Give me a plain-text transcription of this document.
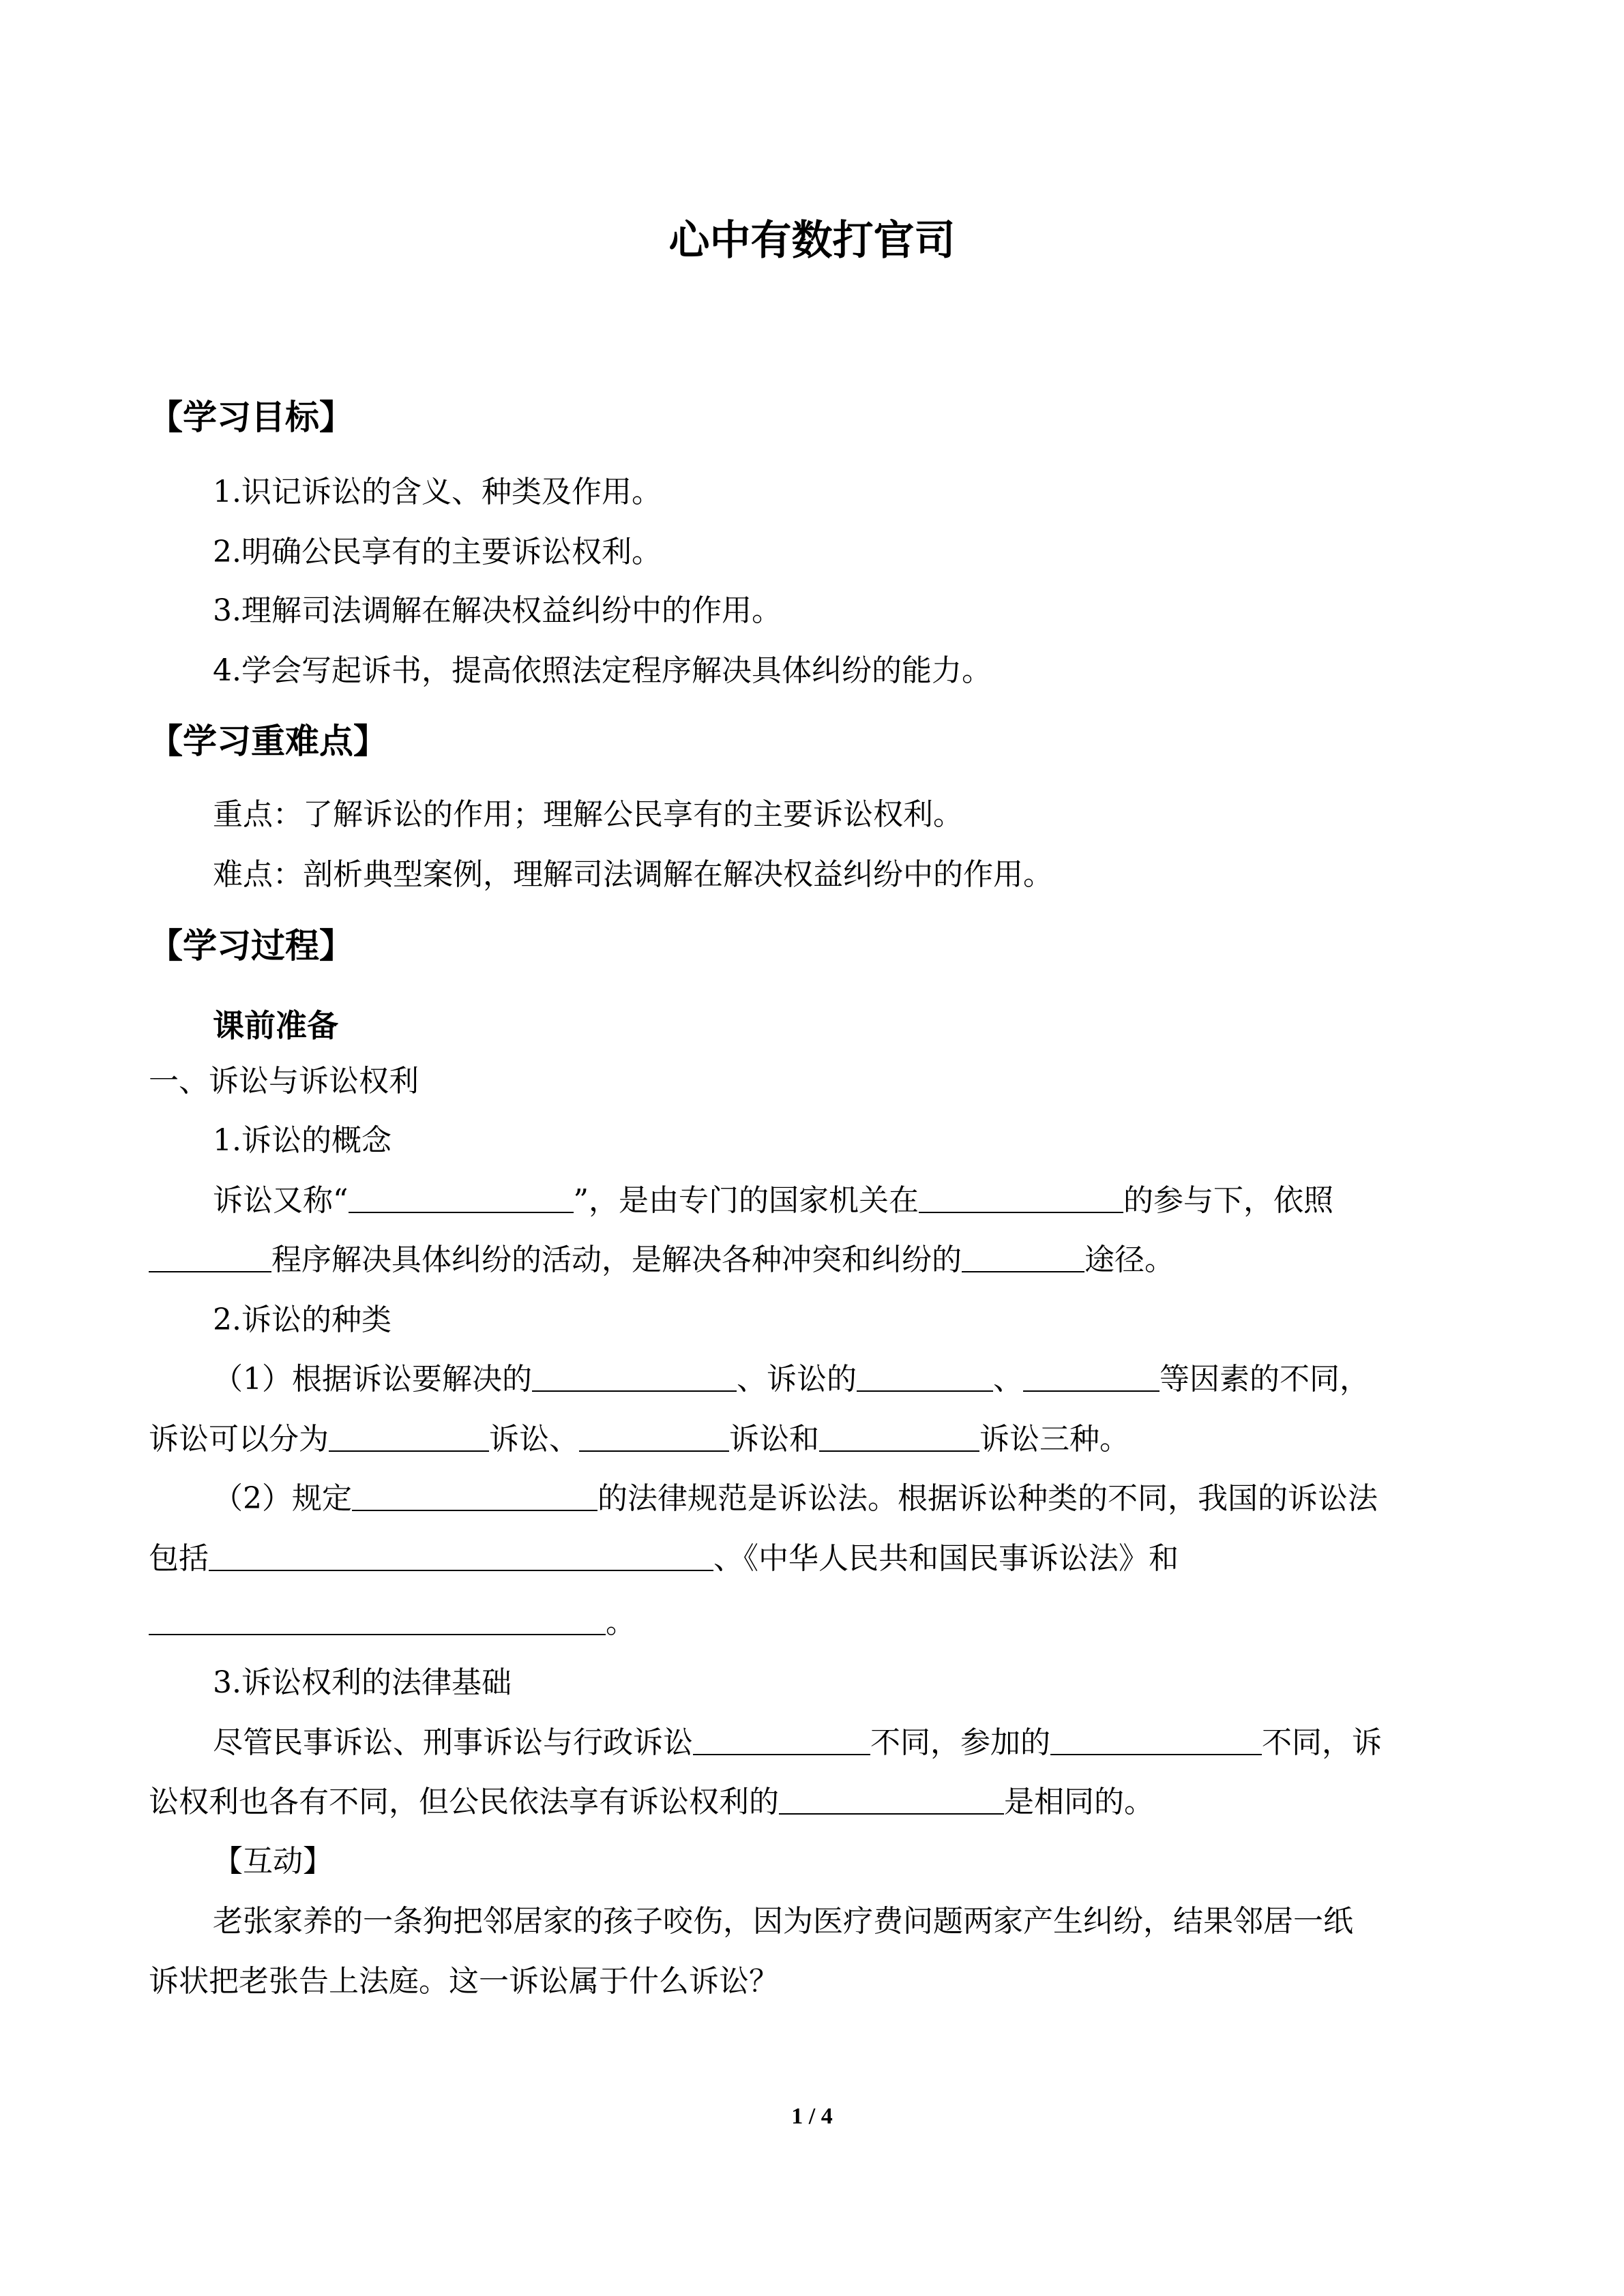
心中有数打官司
【学习目标】
1.识记诉讼的含义、种类及作用。
2.明确公民享有的主要诉讼权利。
3.理解司法调解在解决权益纠纷中的作用。
4.学会写起诉书，提高依照法定程序解决具体纠纷的能力。
【学习重难点】
重点：了解诉讼的作用；理解公民享有的主要诉讼权利。
难点：剖析典型案例，理解司法调解在解决权益纠纷中的作用。
【学习过程】
课前准备
一、诉讼与诉讼权利
1.诉讼的概念
诉讼又称“	”，是由专门的国家机关在	的参与下，依照
程序解决具体纠纷的活动，是解决各种冲突和纠纷的	途径。
2.诉讼的种类
（1）根据诉讼要解决的	、诉讼的	、	等因素的不同，
诉讼可以分为	诉讼、	诉讼和	诉讼三种。
（2）规定	的法律规范是诉讼法。根据诉讼种类的不同，我国的诉讼法
包括	、《中华人民共和国民事诉讼法》和
。
3.诉讼权利的法律基础
尽管民事诉讼、刑事诉讼与行政诉讼	不同，参加的	不同，诉
讼权利也各有不同，但公民依法享有诉讼权利的	是相同的。
【互动】
老张家养的一条狗把邻居家的孩子咬伤，因为医疗费问题两家产生纠纷，结果邻居一纸
诉状把老张告上法庭。这一诉讼属于什么诉讼？
1 / 4
